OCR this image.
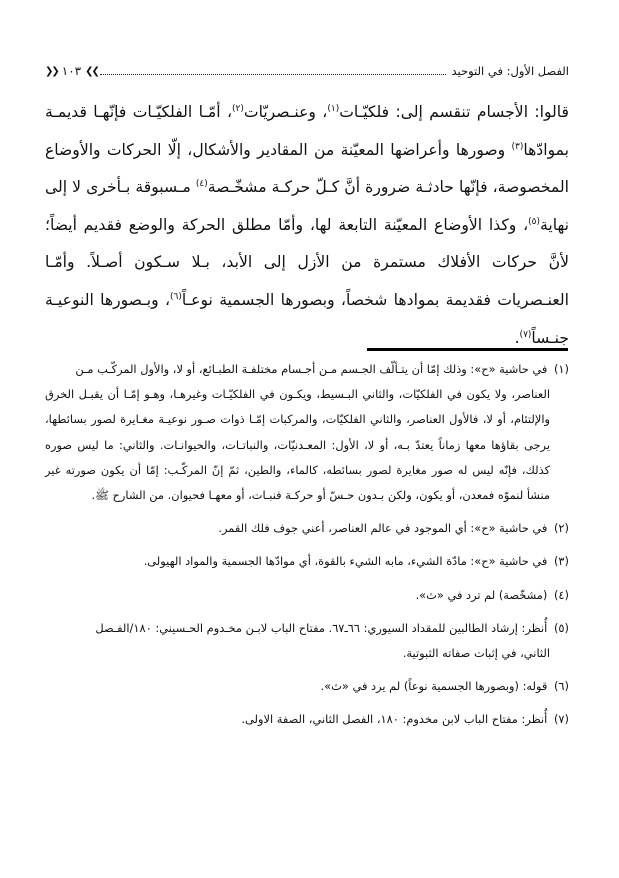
الفصل الأول: في التوحيد
❯❯
١٠٣
❮❮

قالوا: الأجسام تنقسم إلى: فلكيّـات$^{(١)}$، وعنـصريّات$^{(٢)}$، أمّـا الفلكيّـات فإنّهـا قديمـة بموادّها$^{(٣)}$ وصورها وأعراضها المعيّنة من المقادير والأشكال، إلّا الحركات والأوضاع المخصوصة، فإنّها حادثـة ضرورة أنَّ كـلّ حركـة مشخّـصة$^{(٤)}$ مـسبوقة بـأخرى لا إلى نهاية$^{(٥)}$، وكذا الأوضاع المعيّنة التابعة لها، وأمّا مطلق الحركة والوضع فقديم أيضاً؛ لأنَّ حركات الأفلاك مستمرة من الأزل إلى الأبد، بـلا سـكون أصـلاً. وأمّـا العنـصريات فقديمة بموادها شخصاً، وبصورها الجسمية نوعـاً$^{(٦)}$، وبـصورها النوعيـة جنـساً$^{(٧)}$.

(١) في حاشية «ح»: وذلك إمّا أن يتـألّف الجـسم مـن أجـسام مختلفـة الطبـائع، أو لا، والأول المركّـب مـن
العناصر، ولا يكون في الفلكيّات، والثاني البـسيط، ويكـون في الفلكيّـات وغيرهـا، وهـو إمّـا أن يقبـل الخرق والإلتئام، أو لا، فالأول العناصر، والثاني الفلكيّات، والمركبات إمّـا ذوات صـور نوعيـة مغـايرة لصور بسائطها، يرجى بقاؤها معها زماناً يعتدّ بـه، أو لا، الأول: المعـدنيّات، والنباتـات، والحيوانـات. والثاني: ما ليس صوره كذلك، فإنّه ليس له صور مغايرة لصور بسائطه، كالماء، والطين، ثمّ إنّ المركّـب: إمّا أن يكون صورته غير منشأ لنموّه فمعدن، أو يكون، ولكن بـدون حـسّ أو حركـة فنبـات، أو معهـا فحيوان. من الشارح ﷺ.
(٢) في حاشية «ح»: أي الموجود في عالم العناصر، أعني جوف فلك القمر.
(٣) في حاشية «ح»: مادّة الشيء، مابه الشيء بالقوة، أي موادّها الجسمية والمواد الهيولى.
(٤) (مشخّصة) لم ترد في «ث».
(٥) أُنظر: إرشاد الطالبين للمقداد السيوري: ٦٦ـ٦٧. مفتاح الباب لابـن مخـدوم الحـسيني: ١٨٠/الفـصل
الثاني، في إثبات صفاته الثبوتية.
(٦) قوله: (وبصورها الجسمية نوعاً) لم يرد في «ث».
(٧) أُنظر: مفتاح الباب لابن مخدوم: ١٨٠، الفصل الثاني، الصفة الاولى.
